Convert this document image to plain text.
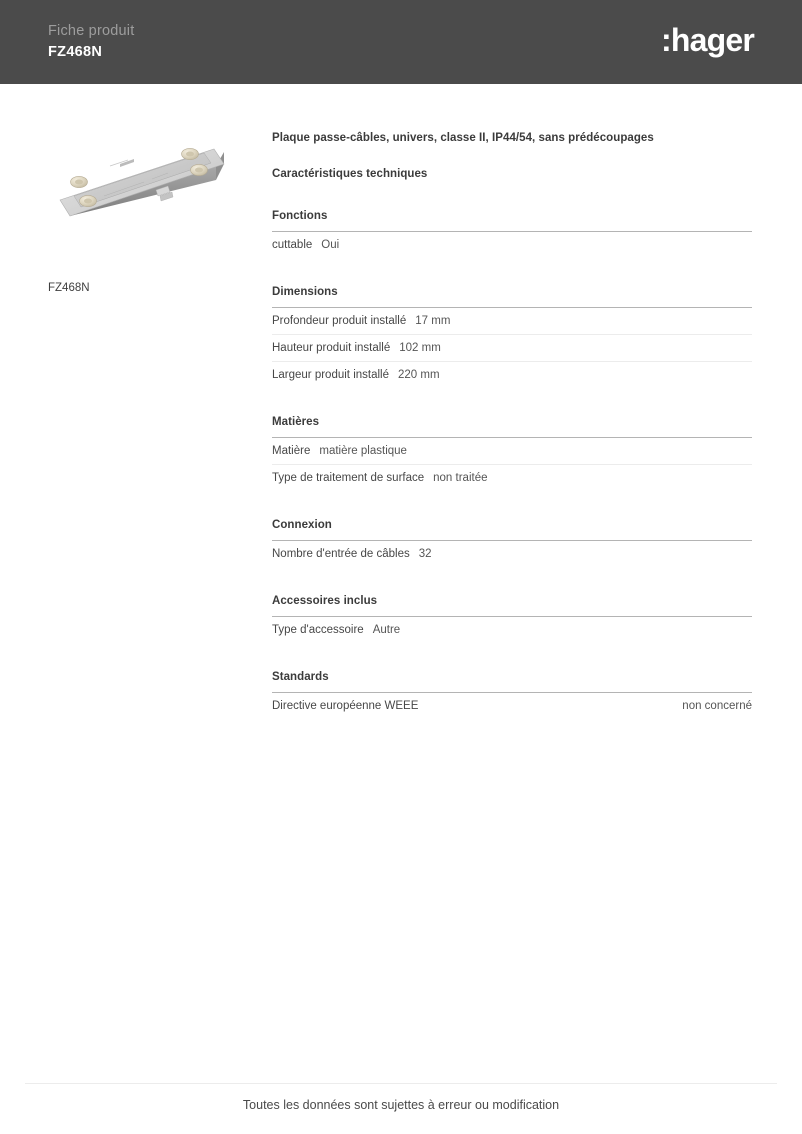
Fiche produit
FZ468N	:hager
FZ468N
Plaque passe-câbles, univers, classe II, IP44/54, sans prédécoupages
Caractéristiques techniques
Fonctions
cuttable Oui
Dimensions
Profondeur produit installé 17 mm
Hauteur produit installé 102 mm
Largeur produit installé 220 mm
Matières
Matière matière plastique
Type de traitement de surface non traitée
Connexion
Nombre d'entrée de câbles 32
Accessoires inclus
Type d'accessoire Autre
Standards
Directive européenne WEEE	non concerné
Toutes les données sont sujettes à erreur ou modification
